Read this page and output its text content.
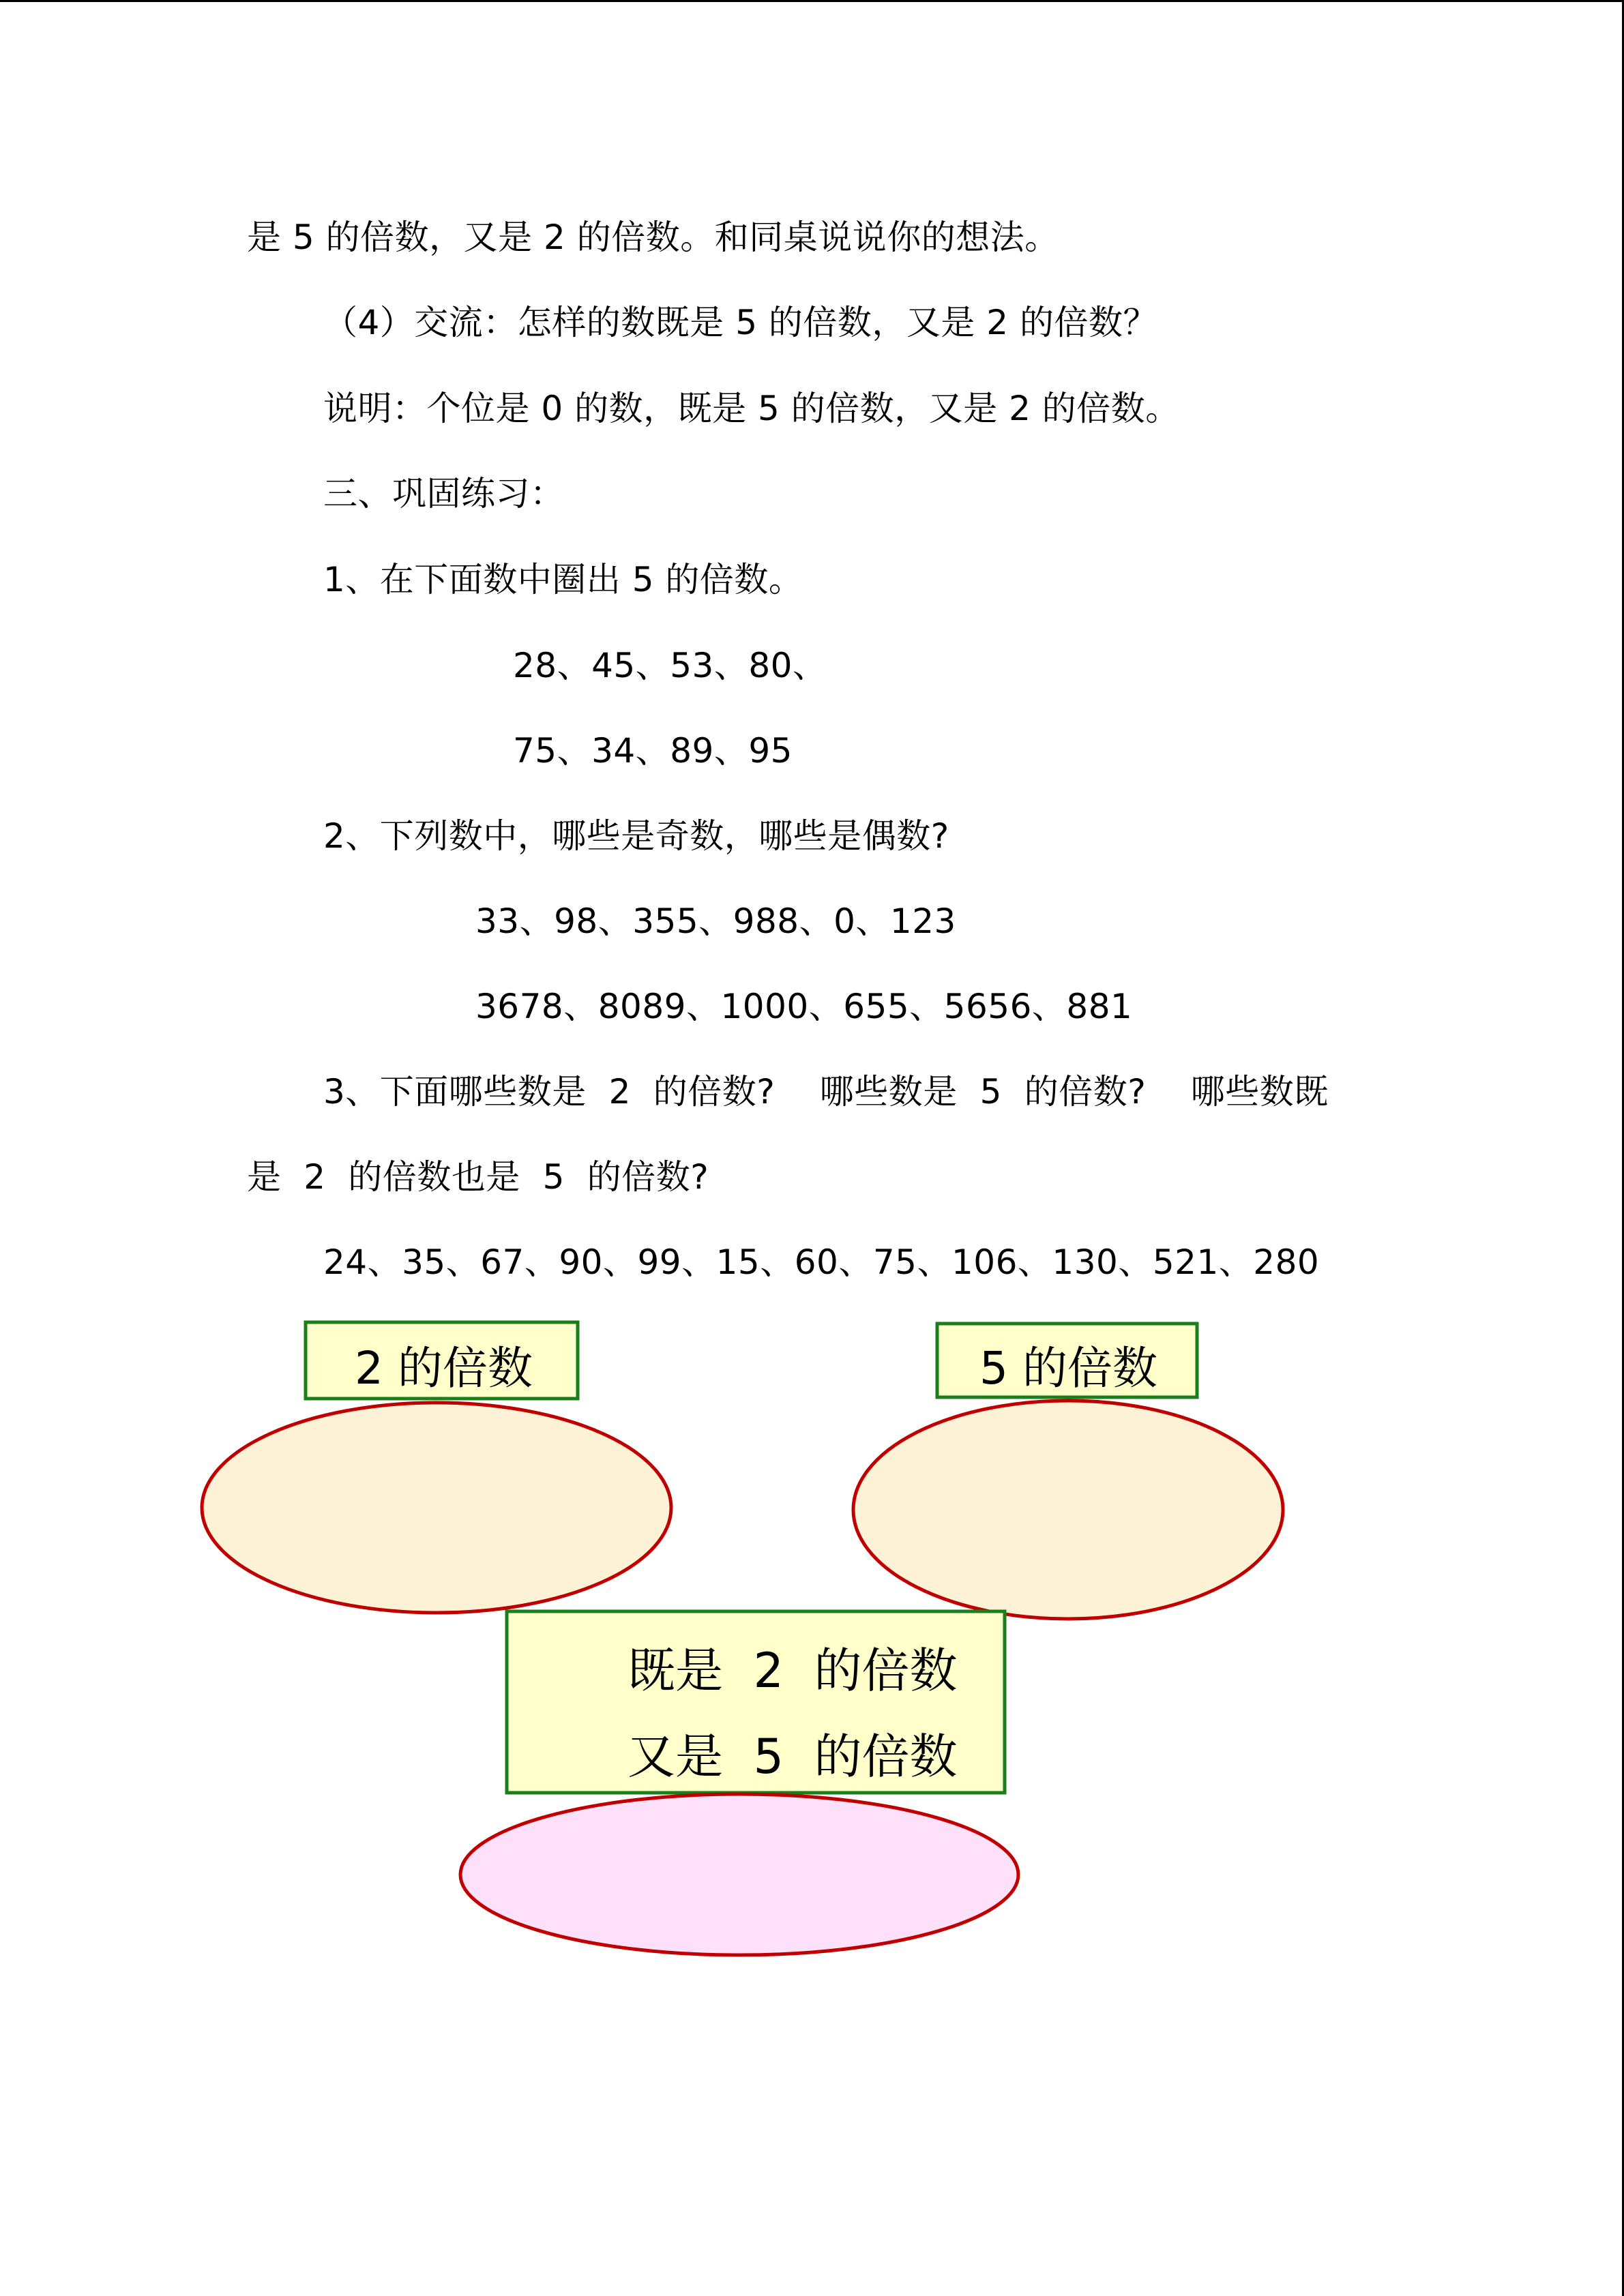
是 5 的倍数，又是 2 的倍数。和同桌说说你的想法。
（4）交流：怎样的数既是 5 的倍数，又是 2 的倍数？
说明：个位是 0 的数，既是 5 的倍数，又是 2 的倍数。
三、巩固练习：
1、在下面数中圈出 5 的倍数。
28、45、53、80、
75、34、89、95
2、下列数中，哪些是奇数，哪些是偶数?
33、98、355、988、0、123
3678、8089、1000、655、5656、881
3、下面哪些数是  2  的倍数?    哪些数是  5  的倍数?    哪些数既
是  2  的倍数也是  5  的倍数?
24、35、67、90、99、15、60、75、106、130、521、280
2 的倍数	5 的倍数
既是  2  的倍数
又是  5  的倍数
